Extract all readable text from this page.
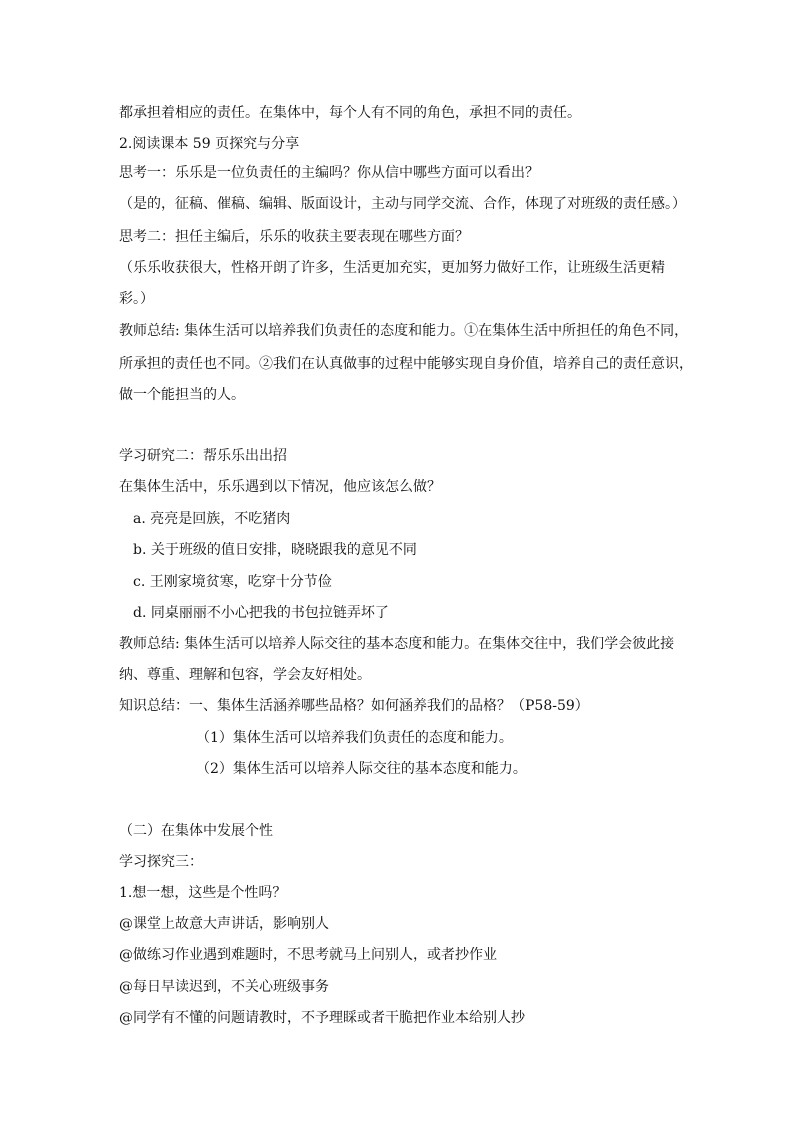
都承担着相应的责任。在集体中，每个人有不同的角色，承担不同的责任。
2.阅读课本 59 页探究与分享
思考一：乐乐是一位负责任的主编吗？你从信中哪些方面可以看出？
（是的，征稿、催稿、编辑、版面设计，主动与同学交流、合作，体现了对班级的责任感。）
思考二：担任主编后，乐乐的收获主要表现在哪些方面？
（乐乐收获很大，性格开朗了许多，生活更加充实，更加努力做好工作，让班级生活更精
彩。）
教师总结: 集体生活可以培养我们负责任的态度和能力。①在集体生活中所担任的角色不同，
所承担的责任也不同。②我们在认真做事的过程中能够实现自身价值，培养自己的责任意识，
做一个能担当的人。
学习研究二：帮乐乐出出招
在集体生活中，乐乐遇到以下情况，他应该怎么做？
a. 亮亮是回族，不吃猪肉
b. 关于班级的值日安排，晓晓跟我的意见不同
c. 王刚家境贫寒，吃穿十分节俭
d. 同桌丽丽不小心把我的书包拉链弄坏了
教师总结: 集体生活可以培养人际交往的基本态度和能力。在集体交往中，我们学会彼此接
纳、尊重、理解和包容，学会友好相处。
知识总结：一、集体生活涵养哪些品格？如何涵养我们的品格？（P58-59）
（1）集体生活可以培养我们负责任的态度和能力。
（2）集体生活可以培养人际交往的基本态度和能力。
（二）在集体中发展个性
学习探究三：
1.想一想，这些是个性吗？
@课堂上故意大声讲话，影响别人
@做练习作业遇到难题时，不思考就马上问别人，或者抄作业
@每日早读迟到，不关心班级事务
@同学有不懂的问题请教时，不予理睬或者干脆把作业本给别人抄
